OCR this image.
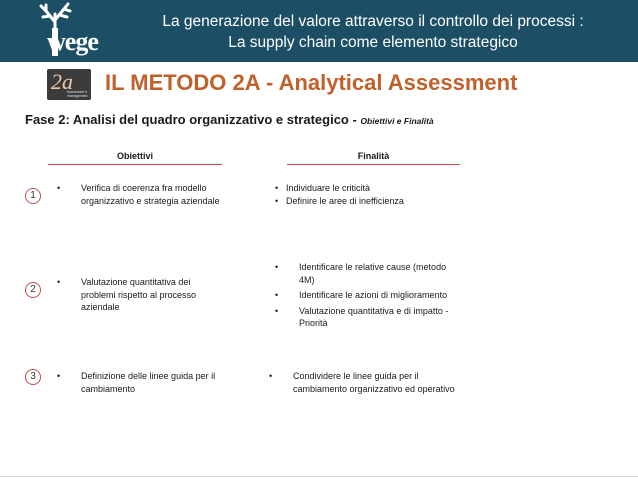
wege
La generazione del valore attraverso il controllo dei processi :
La supply chain come elemento strategico
2a
formazione e management
IL METODO 2A - Analytical Assessment
Fase 2: Analisi del quadro organizzativo e strategico - Obiettivi e Finalità
Obiettivi	Finalità
1
• Verifica di coerenza fra modello organizzativo e strategia aziendale
• Individuare le criticità
• Definire le aree di inefficienza
2
• Valutazione quantitativa dei problemi rispetto al processo aziendale
• Identificare le relative cause (metodo 4M)
• Identificare le azioni di miglioramento
• Valutazione quantitativa e di impatto - Priorità
3
•	Definizione delle linee guida per il cambiamento
• Condividere le linee guida per il cambiamento organizzativo ed operativo
